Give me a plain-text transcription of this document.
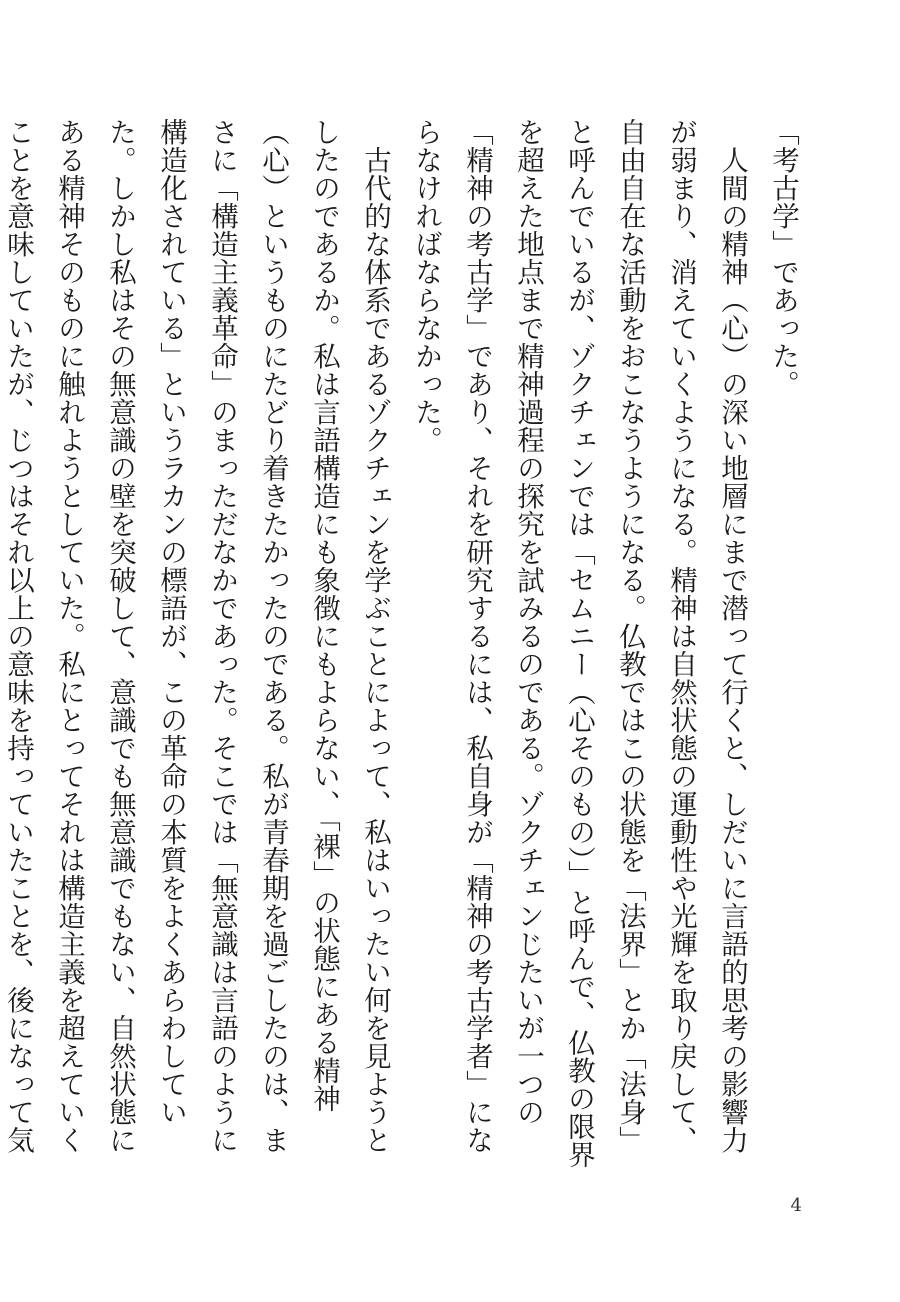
「考古学」であった。

人間の精神（心）の深い地層にまで潜って行くと、しだいに言語的思考の影響力が弱まり、消えていくようになる。精神は自然状態の運動性や光輝を取り戻して、自由自在な活動をおこなうようになる。仏教ではこの状態を「法界」とか「法身」と呼んでいるが、ゾクチェンでは「セムニー（心そのもの）」と呼んで、仏教の限界を超えた地点まで精神過程の探究を試みるのである。ゾクチェンじたいが一つの「精神の考古学」であり、それを研究するには、私自身が「精神の考古学者」にならなければならなかった。

古代的な体系であるゾクチェンを学ぶことによって、私はいったい何を見ようとしたのであるか。私は言語構造にも象徴にもよらない、「裸」の状態にある精神（心）というものにたどり着きたかったのである。私が青春期を過ごしたのは、まさに「構造主義革命」のまっただなかであった。そこでは「無意識は言語のように構造化されている」というラカンの標語が、この革命の本質をよくあらわしていた。しかし私はその無意識の壁を突破して、意識でも無意識でもない、自然状態にある精神そのものに触れようとしていた。私にとってそれは構造主義を超えていくことを意味していたが、じつはそれ以上の意味を持っていたことを、後になって気

4
